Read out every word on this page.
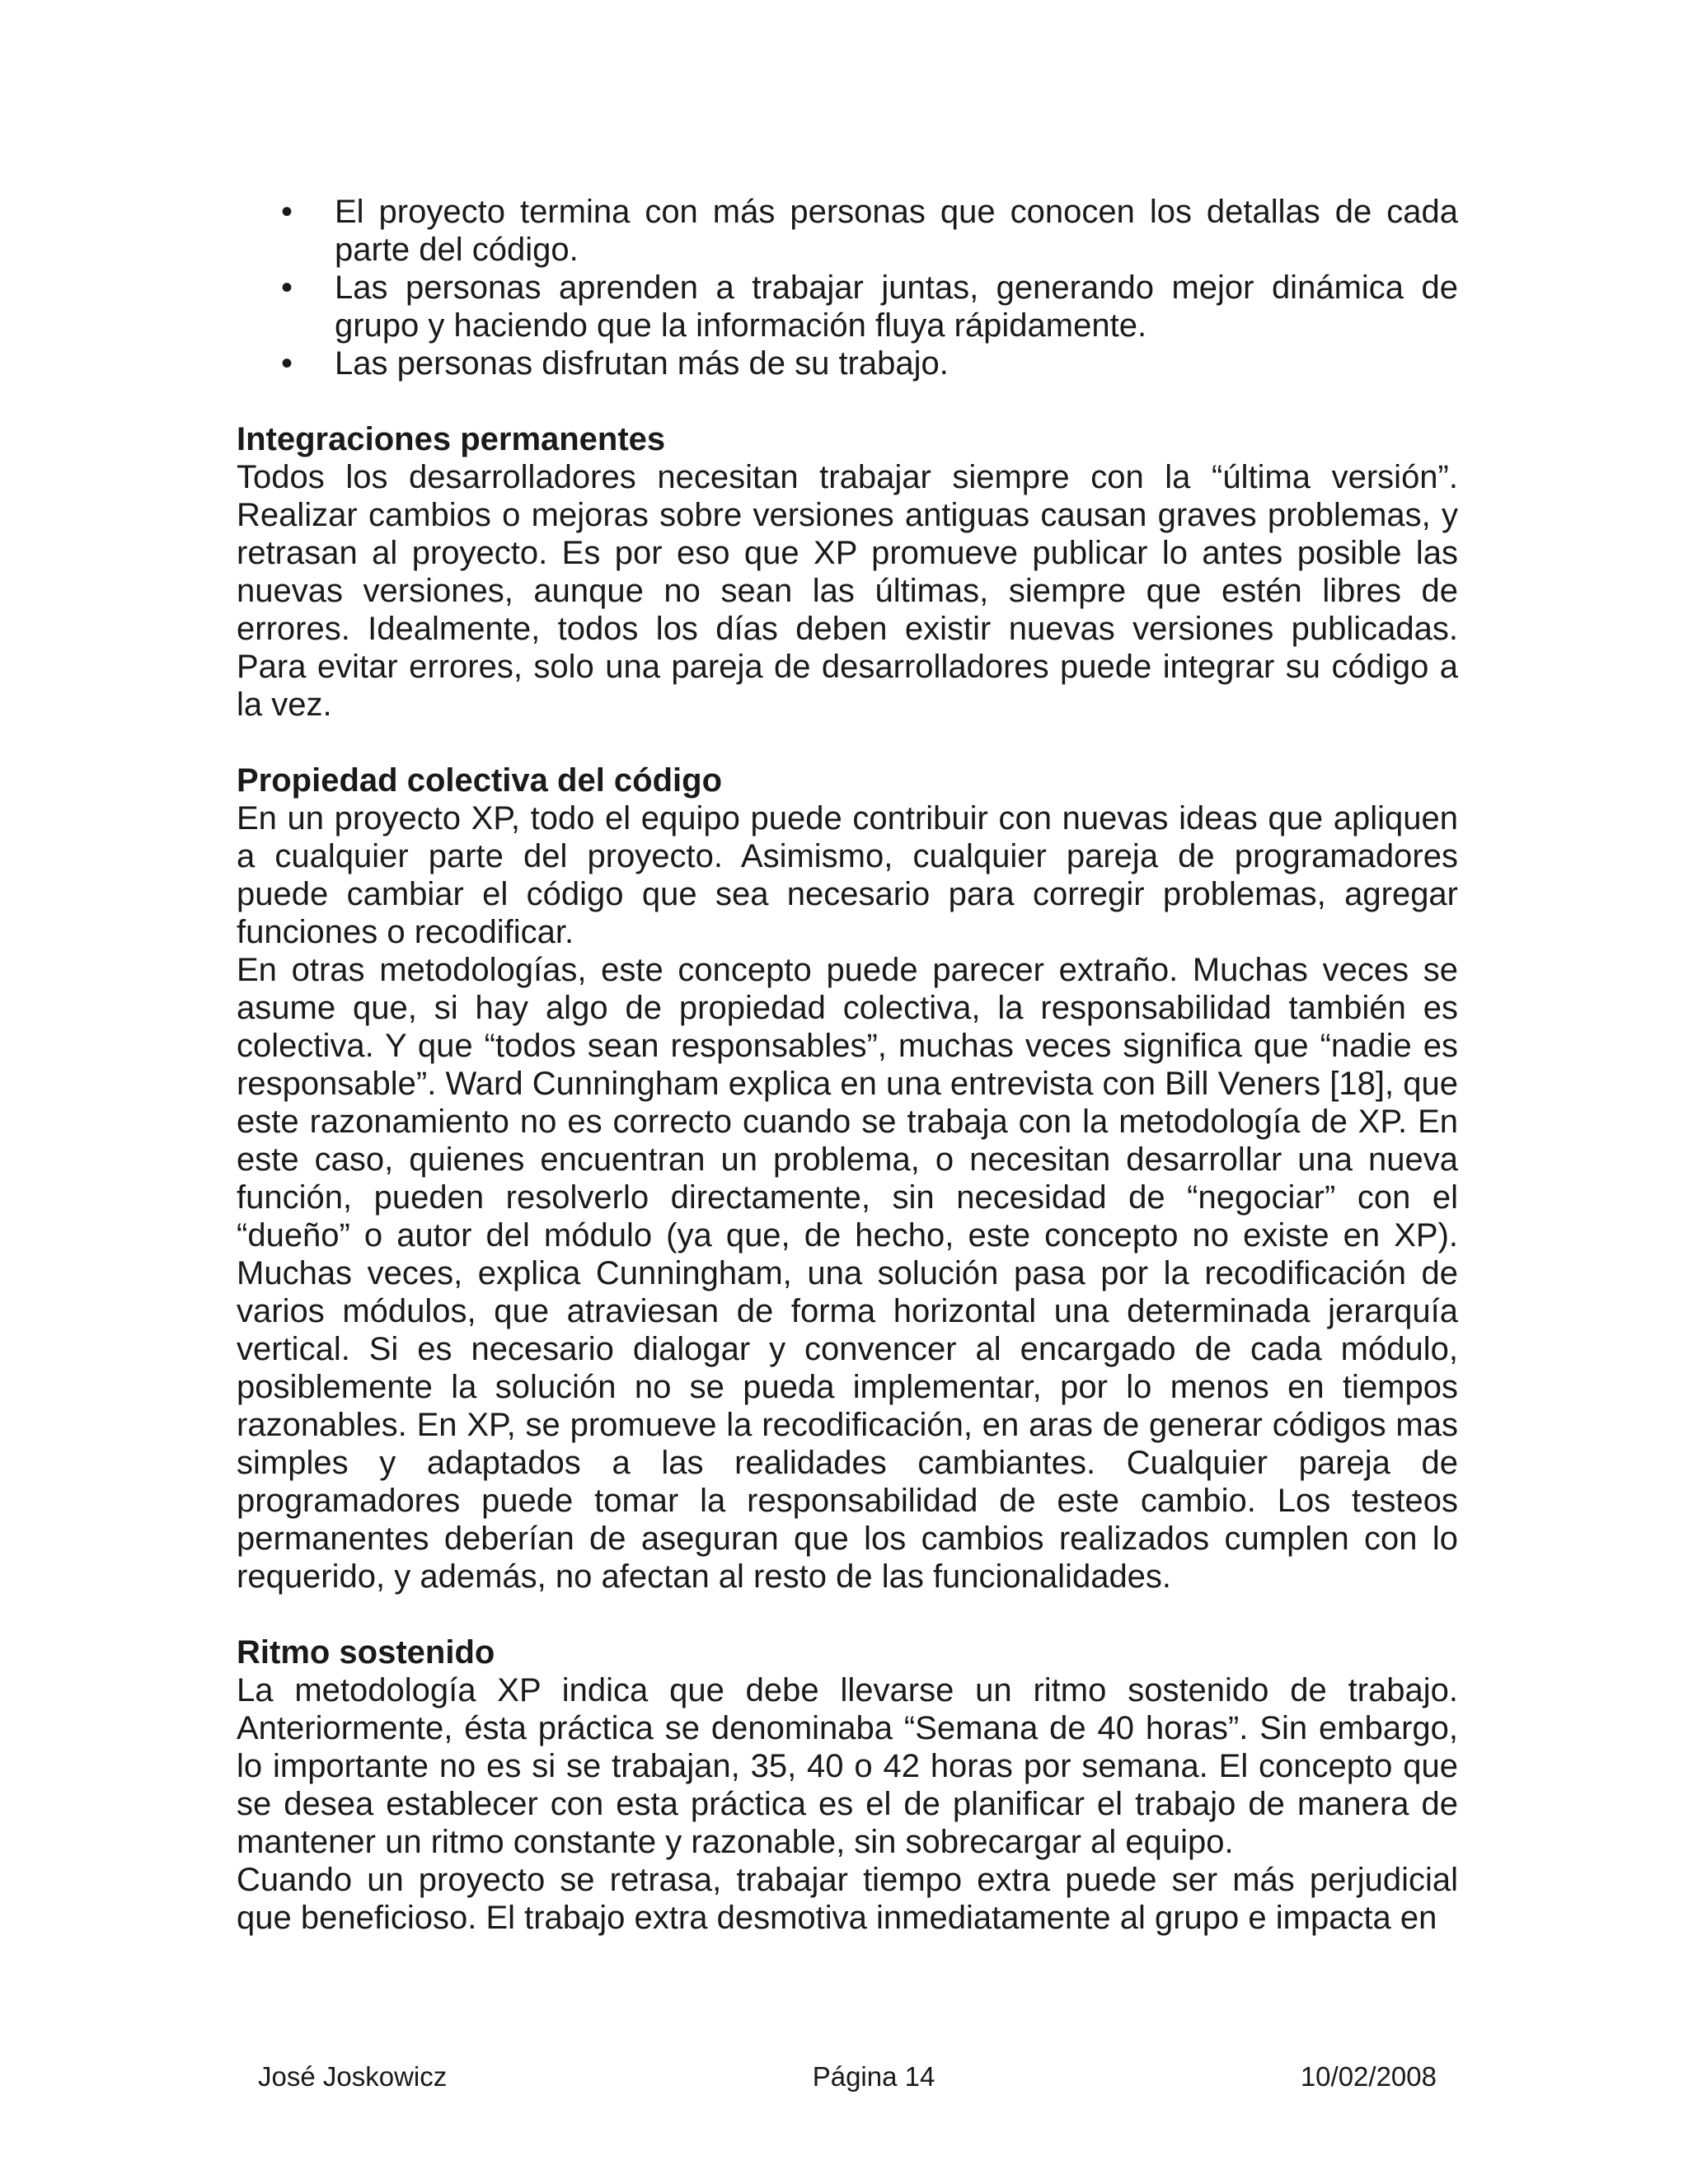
• El proyecto termina con más personas que conocen los detallas de cada parte del código.
• Las personas aprenden a trabajar juntas, generando mejor dinámica de grupo y haciendo que la información fluya rápidamente.
• Las personas disfrutan más de su trabajo.
Integraciones permanentes

Todos los desarrolladores necesitan trabajar siempre con la “última versión”. Realizar cambios o mejoras sobre versiones antiguas causan graves problemas, y retrasan al proyecto. Es por eso que XP promueve publicar lo antes posible las nuevas versiones, aunque no sean las últimas, siempre que estén libres de errores. Idealmente, todos los días deben existir nuevas versiones publicadas. Para evitar errores, solo una pareja de desarrolladores puede integrar su código a la vez.

Propiedad colectiva del código

En un proyecto XP, todo el equipo puede contribuir con nuevas ideas que apliquen a cualquier parte del proyecto. Asimismo, cualquier pareja de programadores puede cambiar el código que sea necesario para corregir problemas, agregar funciones o recodificar.

En otras metodologías, este concepto puede parecer extraño. Muchas veces se asume que, si hay algo de propiedad colectiva, la responsabilidad también es colectiva. Y que “todos sean responsables”, muchas veces significa que “nadie es responsable”. Ward Cunningham explica en una entrevista con Bill Veners [18], que este razonamiento no es correcto cuando se trabaja con la metodología de XP. En este caso, quienes encuentran un problema, o necesitan desarrollar una nueva función, pueden resolverlo directamente, sin necesidad de “negociar” con el “dueño” o autor del módulo (ya que, de hecho, este concepto no existe en XP). Muchas veces, explica Cunningham, una solución pasa por la recodificación de varios módulos, que atraviesan de forma horizontal una determinada jerarquía vertical. Si es necesario dialogar y convencer al encargado de cada módulo, posiblemente la solución no se pueda implementar, por lo menos en tiempos razonables. En XP, se promueve la recodificación, en aras de generar códigos mas simples y adaptados a las realidades cambiantes. Cualquier pareja de programadores puede tomar la responsabilidad de este cambio. Los testeos permanentes deberían de aseguran que los cambios realizados cumplen con lo requerido, y además, no afectan al resto de las funcionalidades.

Ritmo sostenido

La metodología XP indica que debe llevarse un ritmo sostenido de trabajo. Anteriormente, ésta práctica se denominaba “Semana de 40 horas”. Sin embargo, lo importante no es si se trabajan, 35, 40 o 42 horas por semana. El concepto que se desea establecer con esta práctica es el de planificar el trabajo de manera de mantener un ritmo constante y razonable, sin sobrecargar al equipo.

Cuando un proyecto se retrasa, trabajar tiempo extra puede ser más perjudicial que beneficioso. El trabajo extra desmotiva inmediatamente al grupo e impacta en

José Joskowicz	Página 14	10/02/2008
